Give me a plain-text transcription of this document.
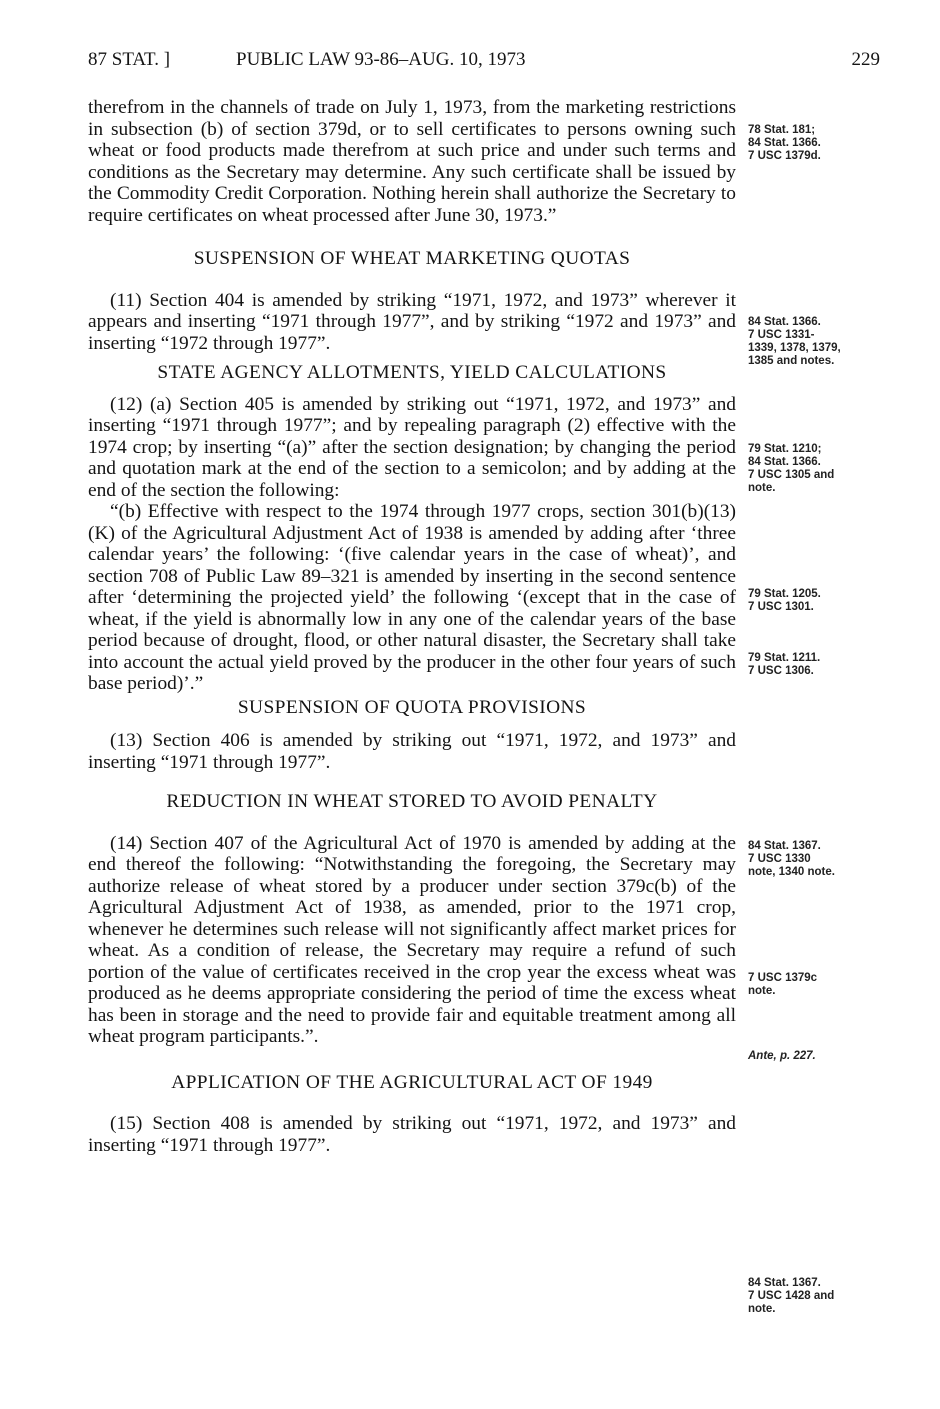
87 STAT. ]	PUBLIC LAW 93-86–AUG. 10, 1973	229

therefrom in the channels of trade on July 1, 1973, from the marketing restrictions in subsection (b) of section 379d, or to sell certificates to persons owning such wheat or food products made therefrom at such price and under such terms and conditions as the Secretary may determine. Any such certificate shall be issued by the Commodity Credit Corporation. Nothing herein shall authorize the Secretary to require certificates on wheat processed after June 30, 1973.”

SUSPENSION OF WHEAT MARKETING QUOTAS

(11) Section 404 is amended by striking “1971, 1972, and 1973” wherever it appears and inserting “1971 through 1977”, and by striking “1972 and 1973” and inserting “1972 through 1977”.

STATE AGENCY ALLOTMENTS, YIELD CALCULATIONS

(12) (a) Section 405 is amended by striking out “1971, 1972, and 1973” and inserting “1971 through 1977”; and by repealing paragraph (2) effective with the 1974 crop; by inserting “(a)” after the section designation; by changing the period and quotation mark at the end of the section to a semicolon; and by adding at the end of the section the following:

“(b) Effective with respect to the 1974 through 1977 crops, section 301(b)(13)(K) of the Agricultural Adjustment Act of 1938 is amended by adding after ‘three calendar years’ the following: ‘(five calendar years in the case of wheat)’, and section 708 of Public Law 89–321 is amended by inserting in the second sentence after ‘determining the projected yield’ the following ‘(except that in the case of wheat, if the yield is abnormally low in any one of the calendar years of the base period because of drought, flood, or other natural disaster, the Secretary shall take into account the actual yield proved by the producer in the other four years of such base period)’.”

SUSPENSION OF QUOTA PROVISIONS

(13) Section 406 is amended by striking out “1971, 1972, and 1973” and inserting “1971 through 1977”.

REDUCTION IN WHEAT STORED TO AVOID PENALTY

(14) Section 407 of the Agricultural Act of 1970 is amended by adding at the end thereof the following: “Notwithstanding the foregoing, the Secretary may authorize release of wheat stored by a producer under section 379c(b) of the Agricultural Adjustment Act of 1938, as amended, prior to the 1971 crop, whenever he determines such release will not significantly affect market prices for wheat. As a condition of release, the Secretary may require a refund of such portion of the value of certificates received in the crop year the excess wheat was produced as he deems appropriate considering the period of time the excess wheat has been in storage and the need to provide fair and equitable treatment among all wheat program participants.”.

APPLICATION OF THE AGRICULTURAL ACT OF 1949

(15) Section 408 is amended by striking out “1971, 1972, and 1973” and inserting “1971 through 1977”.

78 Stat. 181;
84 Stat. 1366.
7 USC 1379d.
84 Stat. 1366.
7 USC 1331-
1339, 1378, 1379,
1385 and notes.
79 Stat. 1210;
84 Stat. 1366.
7 USC 1305 and
note.
79 Stat. 1205.
7 USC 1301.
79 Stat. 1211.
7 USC 1306.
84 Stat. 1367.
7 USC 1330
note, 1340 note.
7 USC 1379c
note.
Ante, p. 227.
84 Stat. 1367.
7 USC 1428 and
note.
